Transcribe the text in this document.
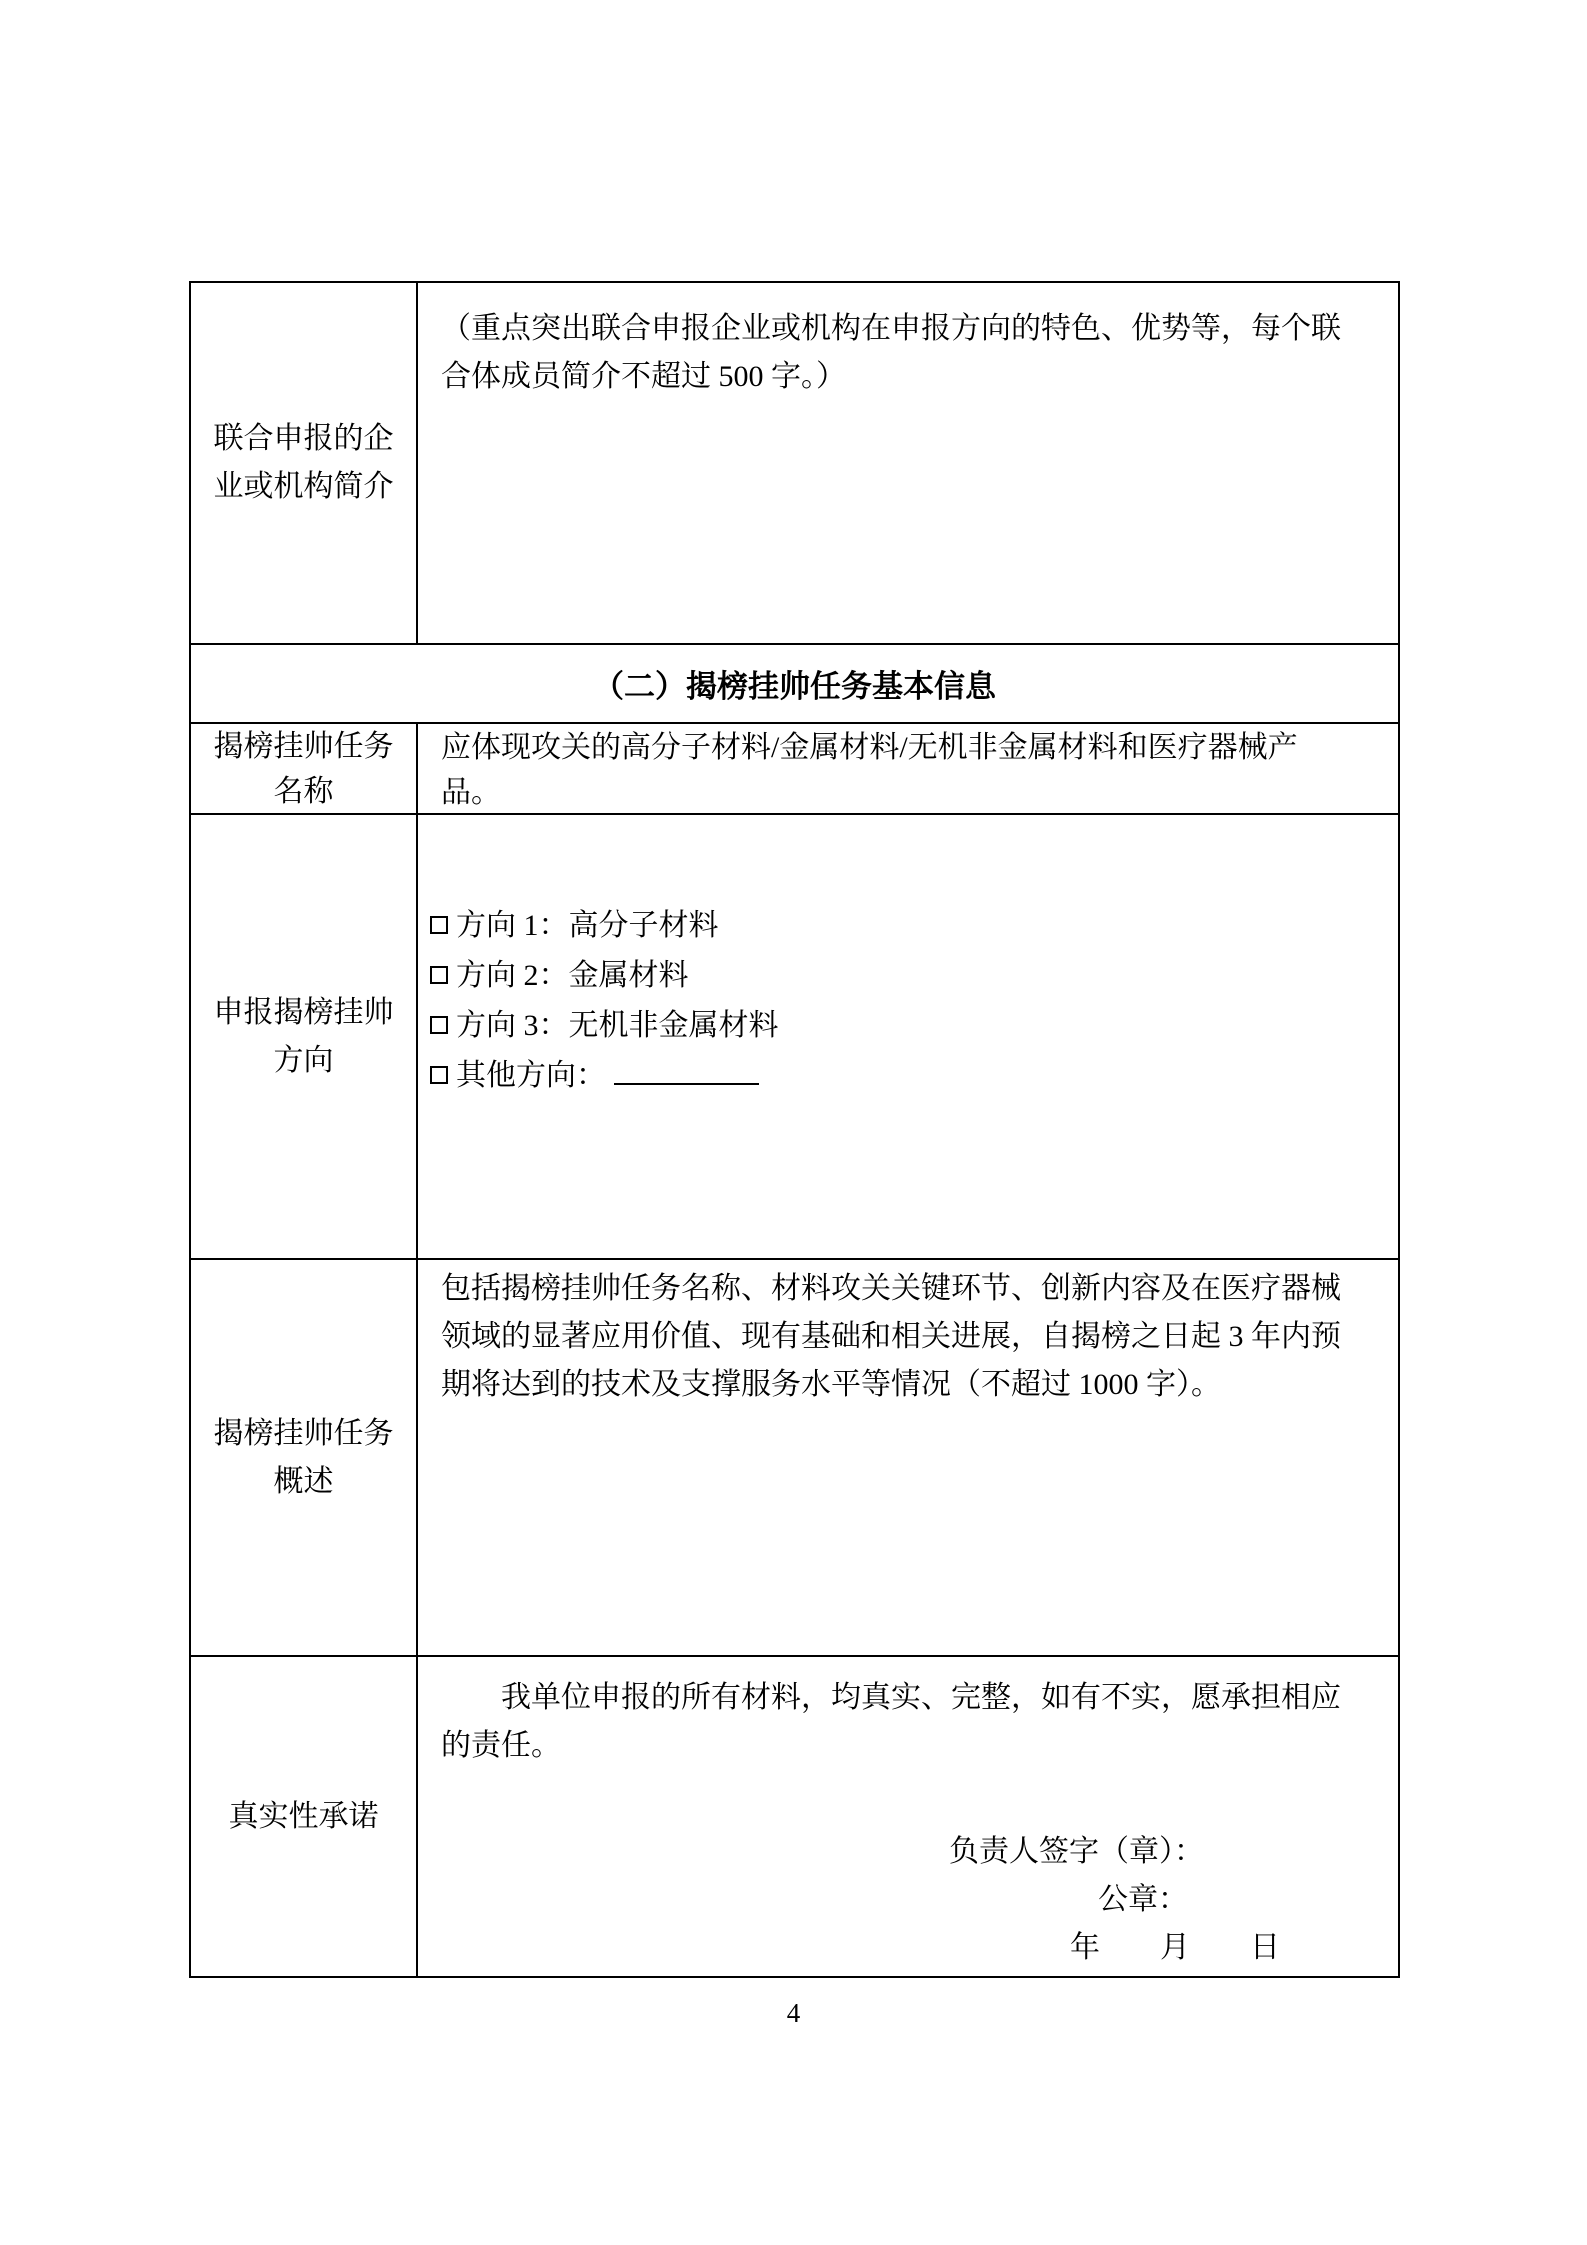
联合申报的企业或机构简介
（重点突出联合申报企业或机构在申报方向的特色、优势等，每个联合体成员简介不超过 500 字。）
（二）揭榜挂帅任务基本信息
揭榜挂帅任务名称
应体现攻关的高分子材料/金属材料/无机非金属材料和医疗器械产品。
申报揭榜挂帅方向
方向 1：高分子材料
方向 2：金属材料
方向 3：无机非金属材料
其他方向：
揭榜挂帅任务概述
包括揭榜挂帅任务名称、材料攻关关键环节、创新内容及在医疗器械领域的显著应用价值、现有基础和相关进展，自揭榜之日起 3 年内预期将达到的技术及支撑服务水平等情况（不超过 1000 字）。
真实性承诺
我单位申报的所有材料，均真实、完整，如有不实，愿承担相应的责任。
负责人签字（章）：
公章：
年　　月　　日
4
